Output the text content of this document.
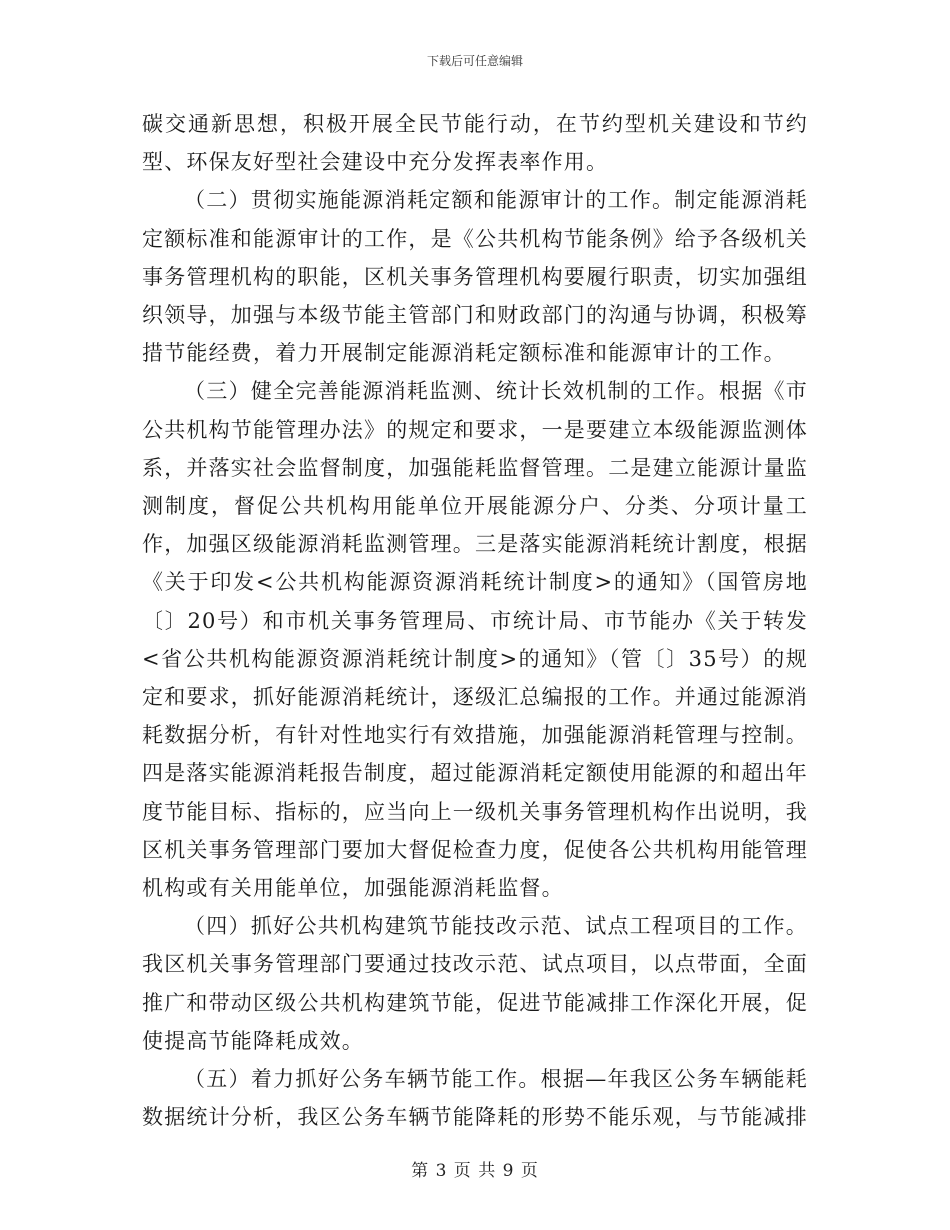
下载后可任意编辑

碳交通新思想，积极开展全民节能行动，在节约型机关建设和节约型、环保友好型社会建设中充分发挥表率作用。

（二）贯彻实施能源消耗定额和能源审计的工作。制定能源消耗定额标准和能源审计的工作，是《公共机构节能条例》给予各级机关事务管理机构的职能，区机关事务管理机构要履行职责，切实加强组织领导，加强与本级节能主管部门和财政部门的沟通与协调，积极筹措节能经费，着力开展制定能源消耗定额标准和能源审计的工作。

（三）健全完善能源消耗监测、统计长效机制的工作。根据《市公共机构节能管理办法》的规定和要求，一是要建立本级能源监测体系，并落实社会监督制度，加强能耗监督管理。二是建立能源计量监测制度，督促公共机构用能单位开展能源分户、分类、分项计量工作，加强区级能源消耗监测管理。三是落实能源消耗统计割度，根据《关于印发<公共机构能源资源消耗统计制度>的通知》（国管房地〔〕20号）和市机关事务管理局、市统计局、市节能办《关于转发<省公共机构能源资源消耗统计制度>的通知》（管〔〕35号）的规定和要求，抓好能源消耗统计，逐级汇总编报的工作。并通过能源消耗数据分析，有针对性地实行有效措施，加强能源消耗管理与控制。四是落实能源消耗报告制度，超过能源消耗定额使用能源的和超出年度节能目标、指标的，应当向上一级机关事务管理机构作出说明，我区机关事务管理部门要加大督促检查力度，促使各公共机构用能管理机构或有关用能单位，加强能源消耗监督。

（四）抓好公共机构建筑节能技改示范、试点工程项目的工作。我区机关事务管理部门要通过技改示范、试点项目，以点带面，全面推广和带动区级公共机构建筑节能，促进节能减排工作深化开展，促使提高节能降耗成效。

（五）着力抓好公务车辆节能工作。根据—年我区公务车辆能耗数据统计分析，我区公务车辆节能降耗的形势不能乐观，与节能减排

第 3 页 共 9 页
